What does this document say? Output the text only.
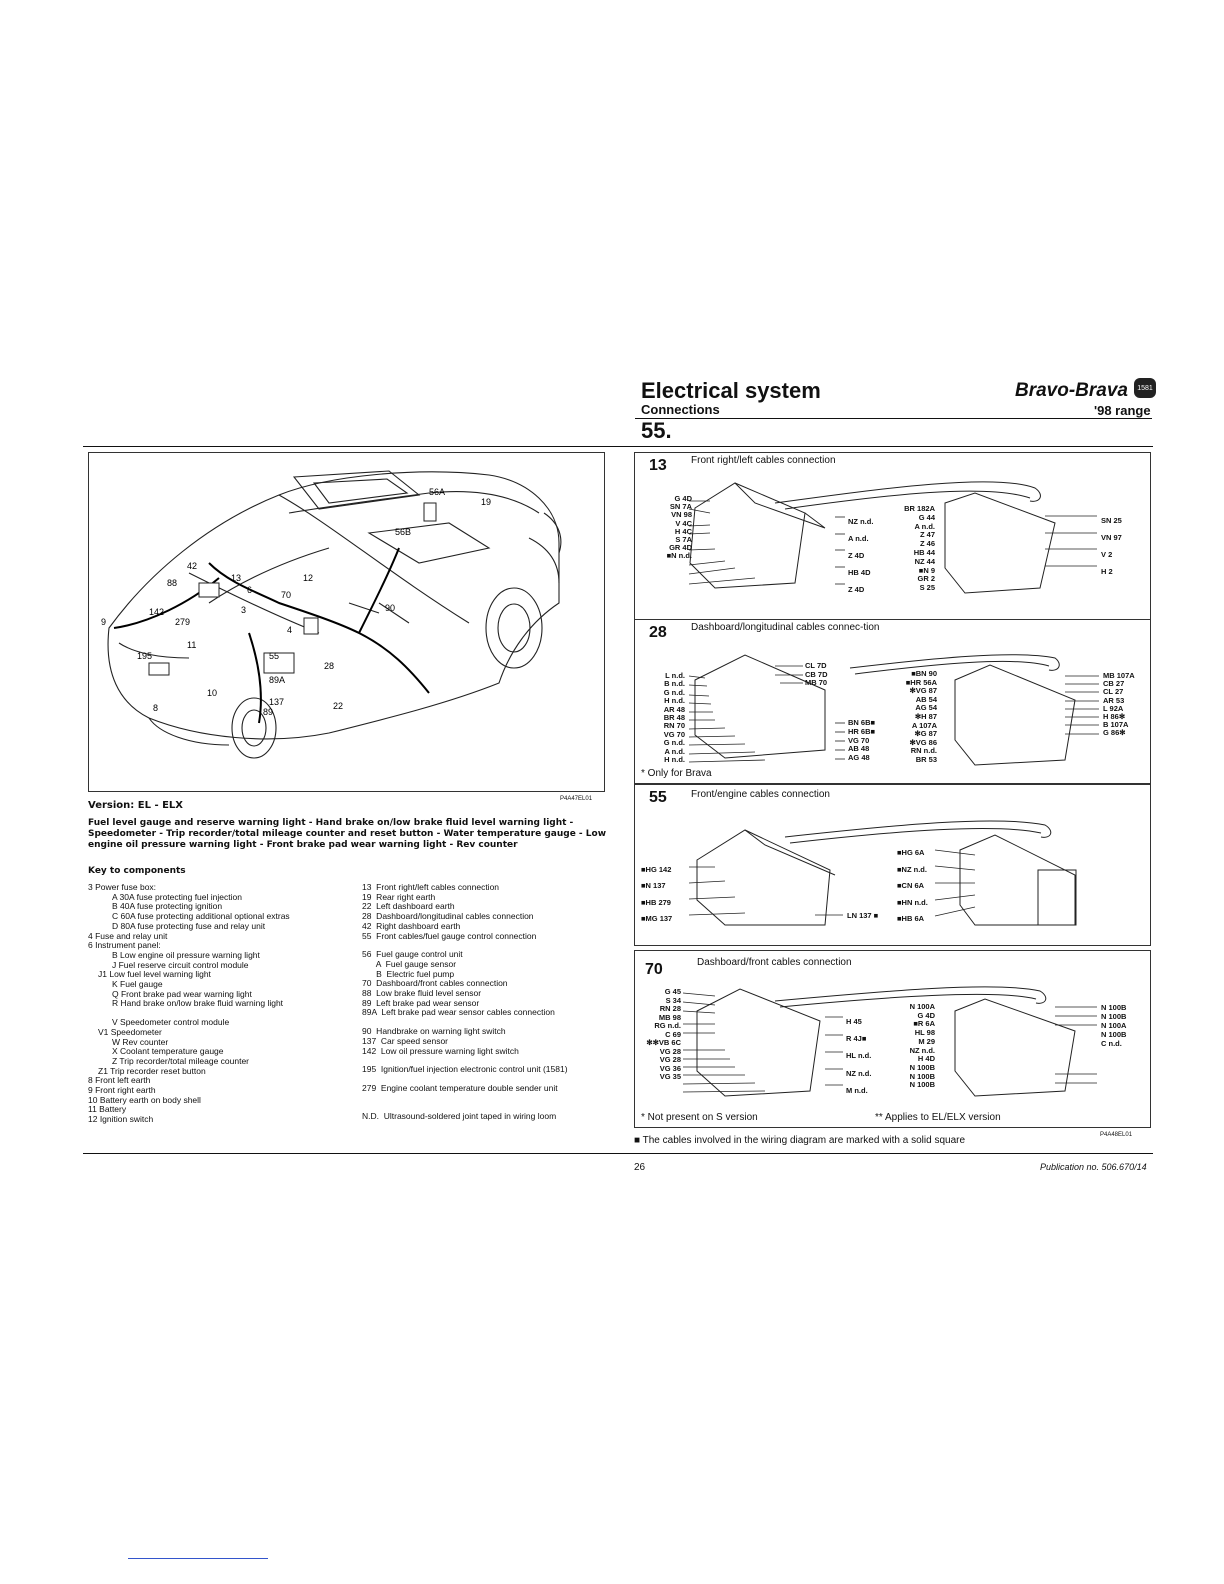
Electrical system
Connections
Bravo-Brava	1581
'98 range
55.
56A
19
56B
42
13	12
88
6	70
3	90
142
279
4
9
11
195	55
28
89A
10
137
8	89
22
P4A47EL01
Version: EL - ELX
Fuel level gauge and reserve warning light - Hand brake on/low brake fluid level warning light - Speedometer - Trip recorder/total mileage counter and reset button - Water temperature gauge - Low engine oil pressure warning light - Front brake pad wear warning light - Rev counter
Key to components
3 Power fuse box:
A 30A fuse protecting fuel injection
B 40A fuse protecting ignition
C 60A fuse protecting additional optional extras
D 80A fuse protecting fuse and relay unit
4 Fuse and relay unit
6 Instrument panel:
B Low engine oil pressure warning light
J Fuel reserve circuit control module
J1 Low fuel level warning light
K Fuel gauge
Q Front brake pad wear warning light
R Hand brake on/low brake fluid warning light
V Speedometer control module
V1 Speedometer
W Rev counter
X Coolant temperature gauge
Z Trip recorder/total mileage counter
Z1 Trip recorder reset button
8 Front left earth
9 Front right earth
10 Battery earth on body shell
11 Battery
12 Ignition switch
13  Front right/left cables connection
19  Rear right earth
22  Left dashboard earth
28  Dashboard/longitudinal cables connection
42  Right dashboard earth
55  Front cables/fuel gauge control connection
56  Fuel gauge control unit
A  Fuel gauge sensor
B  Electric fuel pump
70  Dashboard/front cables connection
88  Low brake fluid level sensor
89  Left brake pad wear sensor
89A  Left brake pad wear sensor cables connection
90  Handbrake on warning light switch
137  Car speed sensor
142  Low oil pressure warning light switch
195  Ignition/fuel injection electronic control unit (1581)
279  Engine coolant temperature double sender unit
N.D.  Ultrasound-soldered joint taped in wiring loom
13 Front right/left cables connection
G 4D
SN 7A
VN 98
V 4C
H 4C
S 7A
GR 4D
■N n.d.
NZ n.d.
A n.d.
Z 4D
HB 4D
Z 4D
BR 182A
G 44
A n.d.
Z 47
Z 46
HB 44
NZ 44
■N 9
GR 2
S 25
SN 25
VN 97
V 2
H 2
28 Dashboard/longitudinal cables connec-tion
L n.d.
B n.d.
G n.d.
H n.d.
AR 48
BR 48
RN 70
VG 70
G n.d.
A n.d.
H n.d.
CL 7D
CB 7D
MB 70
BN 6B■
HR 6B■
VG 70
AB 48
AG 48
■BN 90
■HR 56A
✻VG 87
AB 54
AG 54
✻H 87
A 107A
✻G 87
✻VG 86
RN n.d.
BR 53
MB 107A
CB 27
CL 27
AR 53
L 92A
H 86✻
B 107A
G 86✻
* Only for Brava
55 Front/engine cables connection
■HG 142
■N 137
■HB 279
■MG 137	LN 137 ■
■HG 6A
■NZ n.d.
■CN 6A
■HN n.d.
■HB 6A
70	Dashboard/front cables connection
G 45
S 34
RN 28
MB 98
RG n.d.
C 69
✻✻VB 6C
VG 28
VG 28
VG 36
VG 35
H 45
R 4J■
HL n.d.
NZ n.d.
M n.d.
N 100A
G 4D
■R 6A
HL 98
M 29
NZ n.d.
H 4D
N 100B
N 100B
N 100B
N 100B
N 100B
N 100A
N 100B
C n.d.
* Not present on S version	** Applies to EL/ELX version
■ The cables involved in the wiring diagram are marked with a solid square	P4A48EL01
26	Publication no. 506.670/14
